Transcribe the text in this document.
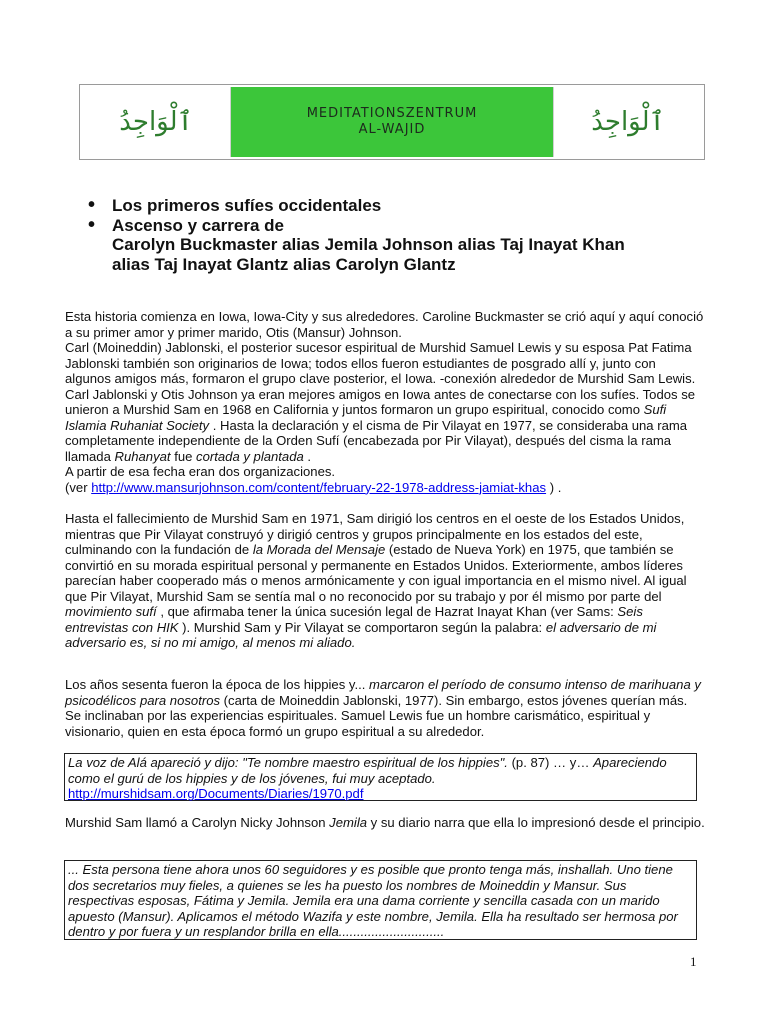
ٱلْوَاجِدُ	MEDITATIONSZENTRUM
AL-WAJID	ٱلْوَاجِدُ
• Los primeros sufíes occidentales
• Ascenso y carrera de
Carolyn Buckmaster alias Jemila Johnson alias Taj Inayat Khan
alias Taj Inayat Glantz alias Carolyn Glantz

Esta historia comienza en Iowa, Iowa-City y sus alrededores. Caroline Buckmaster se crió aquí y aquí conoció a su primer amor y primer marido, Otis (Mansur) Johnson.

Carl (Moineddin) Jablonski, el posterior sucesor espiritual de Murshid Samuel Lewis y su esposa Pat Fatima Jablonski también son originarios de Iowa; todos ellos fueron estudiantes de posgrado allí y, junto con algunos amigos más, formaron el grupo clave posterior, el Iowa. -conexión alrededor de Murshid Sam Lewis. Carl Jablonski y Otis Johnson ya eran mejores amigos en Iowa antes de conectarse con los sufíes. Todos se unieron a Murshid Sam en 1968 en California y juntos formaron un grupo espiritual, conocido como Sufi Islamia Ruhaniat Society . Hasta la declaración y el cisma de Pir Vilayat en 1977, se consideraba una rama completamente independiente de la Orden Sufí (encabezada por Pir Vilayat), después del cisma la rama llamada Ruhanyat fue cortada y plantada .

A partir de esa fecha eran dos organizaciones.

(ver http://www.mansurjohnson.com/content/february-22-1978-address-jamiat-khas ) .

Hasta el fallecimiento de Murshid Sam en 1971, Sam dirigió los centros en el oeste de los Estados Unidos, mientras que Pir Vilayat construyó y dirigió centros y grupos principalmente en los estados del este, culminando con la fundación de la Morada del Mensaje (estado de Nueva York) en 1975, que también se convirtió en su morada espiritual personal y permanente en Estados Unidos. Exteriormente, ambos líderes parecían haber cooperado más o menos armónicamente y con igual importancia en el mismo nivel. Al igual que Pir Vilayat, Murshid Sam se sentía mal o no reconocido por su trabajo y por él mismo por parte del movimiento sufí , que afirmaba tener la única sucesión legal de Hazrat Inayat Khan (ver Sams: Seis entrevistas con HIK ). Murshid Sam y Pir Vilayat se comportaron según la palabra: el adversario de mi adversario es, si no mi amigo, al menos mi aliado.

Los años sesenta fueron la época de los hippies y... marcaron el período de consumo intenso de marihuana y psicodélicos para nosotros (carta de Moineddin Jablonski, 1977). Sin embargo, estos jóvenes querían más. Se inclinaban por las experiencias espirituales. Samuel Lewis fue un hombre carismático, espiritual y visionario, quien en esta época formó un grupo espiritual a su alrededor.

La voz de Alá apareció y dijo: "Te nombre maestro espiritual de los hippies". (p. 87) … y… Apareciendo como el gurú de los hippies y de los jóvenes, fui muy aceptado.
http://murshidsam.org/Documents/Diaries/1970.pdf

Murshid Sam llamó a Carolyn Nicky Johnson Jemila y su diario narra que ella lo impresionó desde el principio.

... Esta persona tiene ahora unos 60 seguidores y es posible que pronto tenga más, inshallah. Uno tiene dos secretarios muy fieles, a quienes se les ha puesto los nombres de Moineddin y Mansur. Sus respectivas esposas, Fátima y Jemila. Jemila era una dama corriente y sencilla casada con un marido apuesto (Mansur). Aplicamos el método Wazifa y este nombre, Jemila. Ella ha resultado ser hermosa por dentro y por fuera y un resplandor brilla en ella.............................
1
